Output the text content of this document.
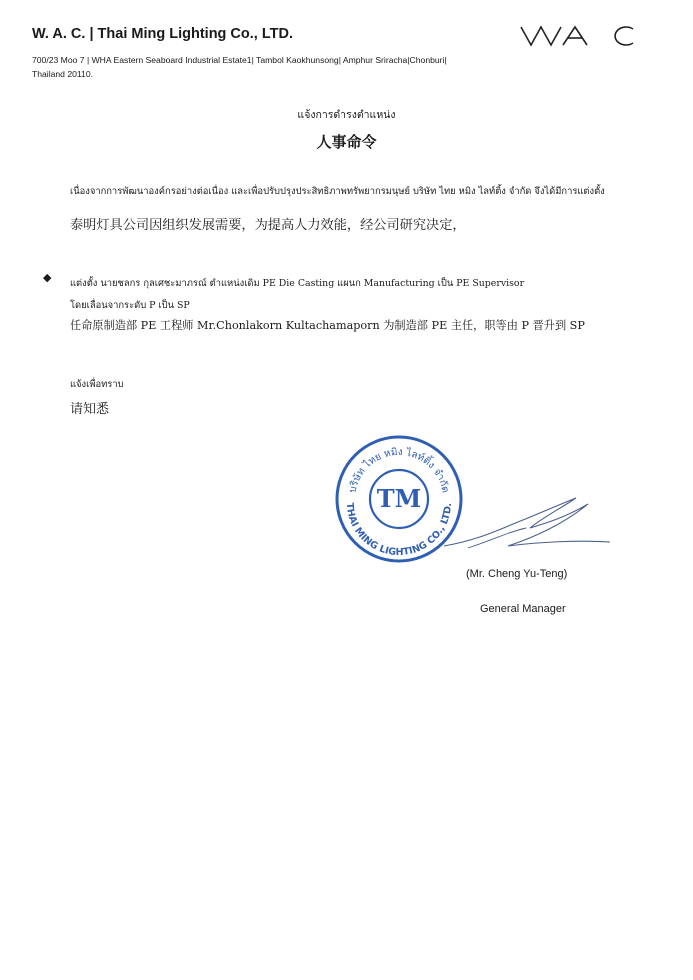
W. A. C. | Thai Ming Lighting Co., LTD.
700/23 Moo 7 | WHA Eastern Seaboard Industrial Estate1| Tambol Kaokhunsong| Amphur Sriracha|Chonburi|
Thailand 20110.
แจ้งการดำรงตำแหน่ง
人事命令
เนื่องจากการพัฒนาองค์กรอย่างต่อเนื่อง และเพื่อปรับปรุงประสิทธิภาพทรัพยากรมนุษย์ บริษัท ไทย หมิง ไลท์ติ้ง จำกัด จึงได้มีการแต่งตั้ง
泰明灯具公司因组织发展需要，为提高人力效能，经公司研究决定，
◆ แต่งตั้ง นายชลกร กุลเศชะมาภรณ์ ตำแหน่งเดิม PE Die Casting แผนก Manufacturing เป็น PE Supervisor
โดยเลื่อนจากระดับ P เป็น SP
任命原制造部 PE 工程师 Mr.Chonlakorn Kultachamaporn 为制造部 PE 主任，职等由 P 晋升到 SP
แจ้งเพื่อทราบ
请知悉
บริษัท ไทย หมิง ไลท์ติ้ง จำกัด
THAI MING LIGHTING CO., LTD.
TM
(Mr. Cheng Yu-Teng)
General Manager
